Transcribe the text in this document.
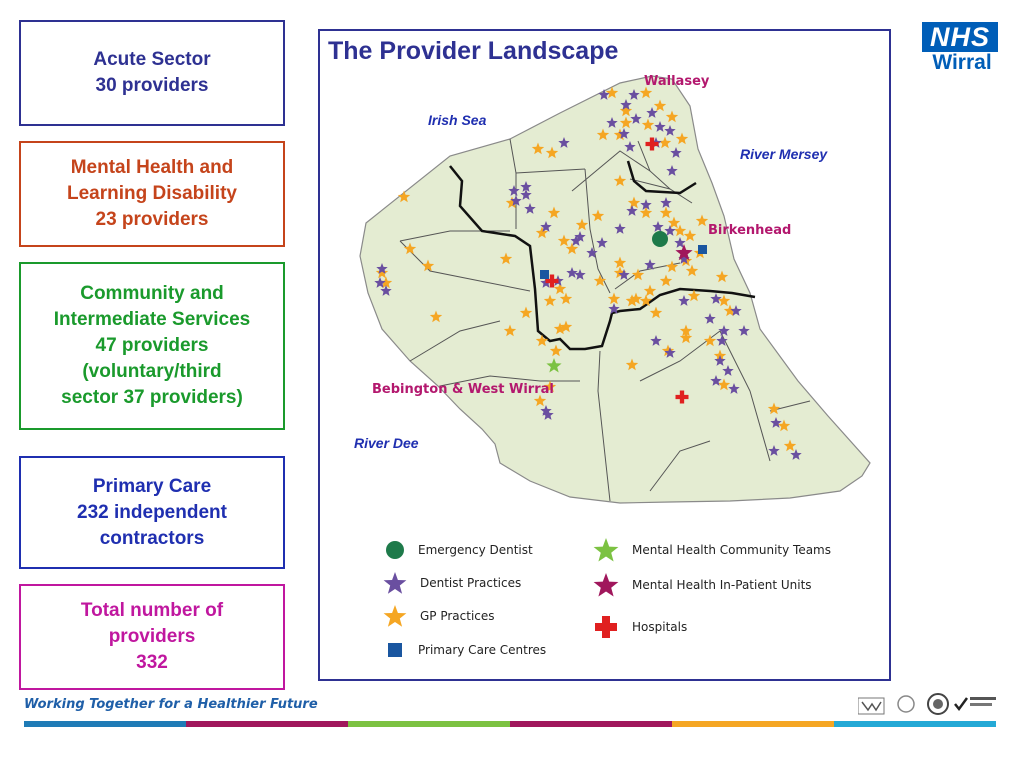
Acute Sector
30 providers
Mental Health and
Learning Disability
23 providers
Community and
Intermediate Services
47 providers
(voluntary/third
sector 37 providers)
Primary Care
232 independent
contractors
Total number of
providers
332
The Provider Landscape
Irish Sea
River Mersey
River Dee
Wallasey
Birkenhead
Bebington & West Wirral
Emergency Dentist
Dentist Practices
GP Practices
Primary Care Centres
Mental Health Community Teams
Mental Health In-Patient Units
Hospitals
NHS
Wirral
Working Together for a Healthier Future
